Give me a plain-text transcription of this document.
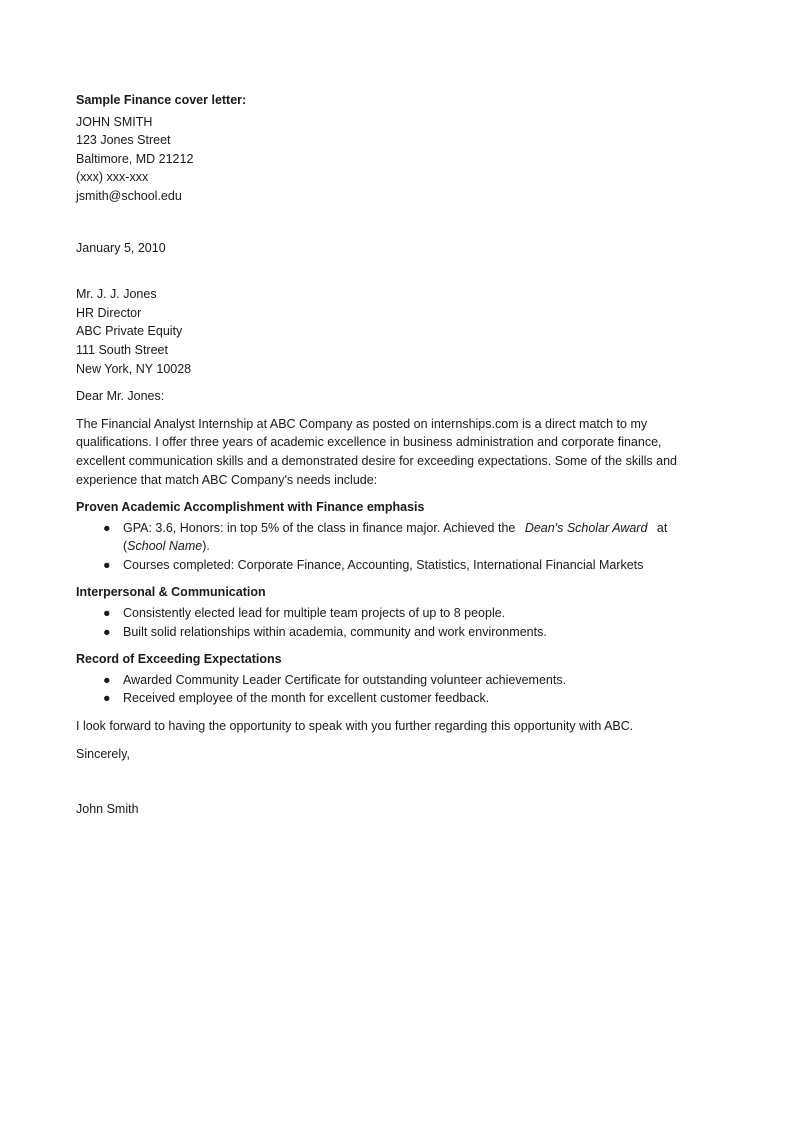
Sample Finance cover letter:
JOHN SMITH
123 Jones Street
Baltimore, MD 21212
(xxx) xxx-xxx
jsmith@school.edu
January 5, 2010
Mr. J. J. Jones
HR Director
ABC Private Equity
111 South Street
New York, NY 10028
Dear Mr. Jones:
The Financial Analyst Internship at ABC Company as posted on internships.com is a direct match to my
qualifications. I offer three years of academic excellence in business administration and corporate finance,
excellent communication skills and a demonstrated desire for exceeding expectations. Some of the skills and
experience that match ABC Company's needs include:
Proven Academic Accomplishment with Finance emphasis
● GPA: 3.6, Honors: in top 5% of the class in finance major. Achieved the Dean's Scholar Award at
(School Name).
● Courses completed: Corporate Finance, Accounting, Statistics, International Financial Markets
Interpersonal & Communication
● Consistently elected lead for multiple team projects of up to 8 people.
● Built solid relationships within academia, community and work environments.
Record of Exceeding Expectations
● Awarded Community Leader Certificate for outstanding volunteer achievements.
● Received employee of the month for excellent customer feedback.
I look forward to having the opportunity to speak with you further regarding this opportunity with ABC.
Sincerely,
John Smith
